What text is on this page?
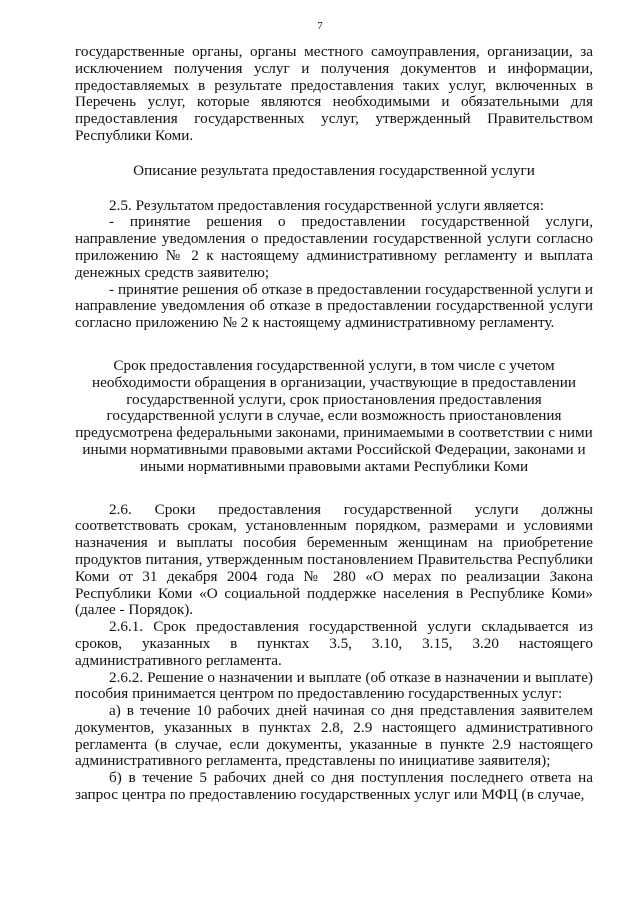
7

государственные органы, органы местного самоуправления, организации, за исключением получения услуг и получения документов и информации, предоставляемых в результате предоставления таких услуг, включенных в Перечень услуг, которые являются необходимыми и обязательными для предоставления государственных услуг, утвержденный Правительством Республики Коми.

Описание результата предоставления государственной услуги

2.5. Результатом предоставления государственной услуги является:

- принятие решения о предоставлении государственной услуги, направление уведомления о предоставлении государственной услуги согласно приложению № 2 к настоящему административному регламенту и выплата денежных средств заявителю;

- принятие решения об отказе в предоставлении государственной услуги и направление уведомления об отказе в предоставлении государственной услуги согласно приложению № 2 к настоящему административному регламенту.

Срок предоставления государственной услуги, в том числе с учетом необходимости обращения в организации, участвующие в предоставлении государственной услуги, срок приостановления предоставления государственной услуги в случае, если возможность приостановления предусмотрена федеральными законами, принимаемыми в соответствии с ними иными нормативными правовыми актами Российской Федерации, законами и иными нормативными правовыми актами Республики Коми

2.6. Сроки предоставления государственной услуги должны соответствовать срокам, установленным порядком, размерами и условиями назначения и выплаты пособия беременным женщинам на приобретение продуктов питания, утвержденным постановлением Правительства Республики Коми от 31 декабря 2004 года № 280 «О мерах по реализации Закона Республики Коми «О социальной поддержке населения в Республике Коми» (далее - Порядок).

2.6.1. Срок предоставления государственной услуги складывается из сроков, указанных в пунктах 3.5, 3.10, 3.15, 3.20 настоящего административного регламента.

2.6.2. Решение о назначении и выплате (об отказе в назначении и выплате) пособия принимается центром по предоставлению государственных услуг:

а) в течение 10 рабочих дней начиная со дня представления заявителем документов, указанных в пунктах 2.8, 2.9 настоящего административного регламента (в случае, если документы, указанные в пункте 2.9 настоящего административного регламента, представлены по инициативе заявителя);

б) в течение 5 рабочих дней со дня поступления последнего ответа на запрос центра по предоставлению государственных услуг или МФЦ (в случае,
